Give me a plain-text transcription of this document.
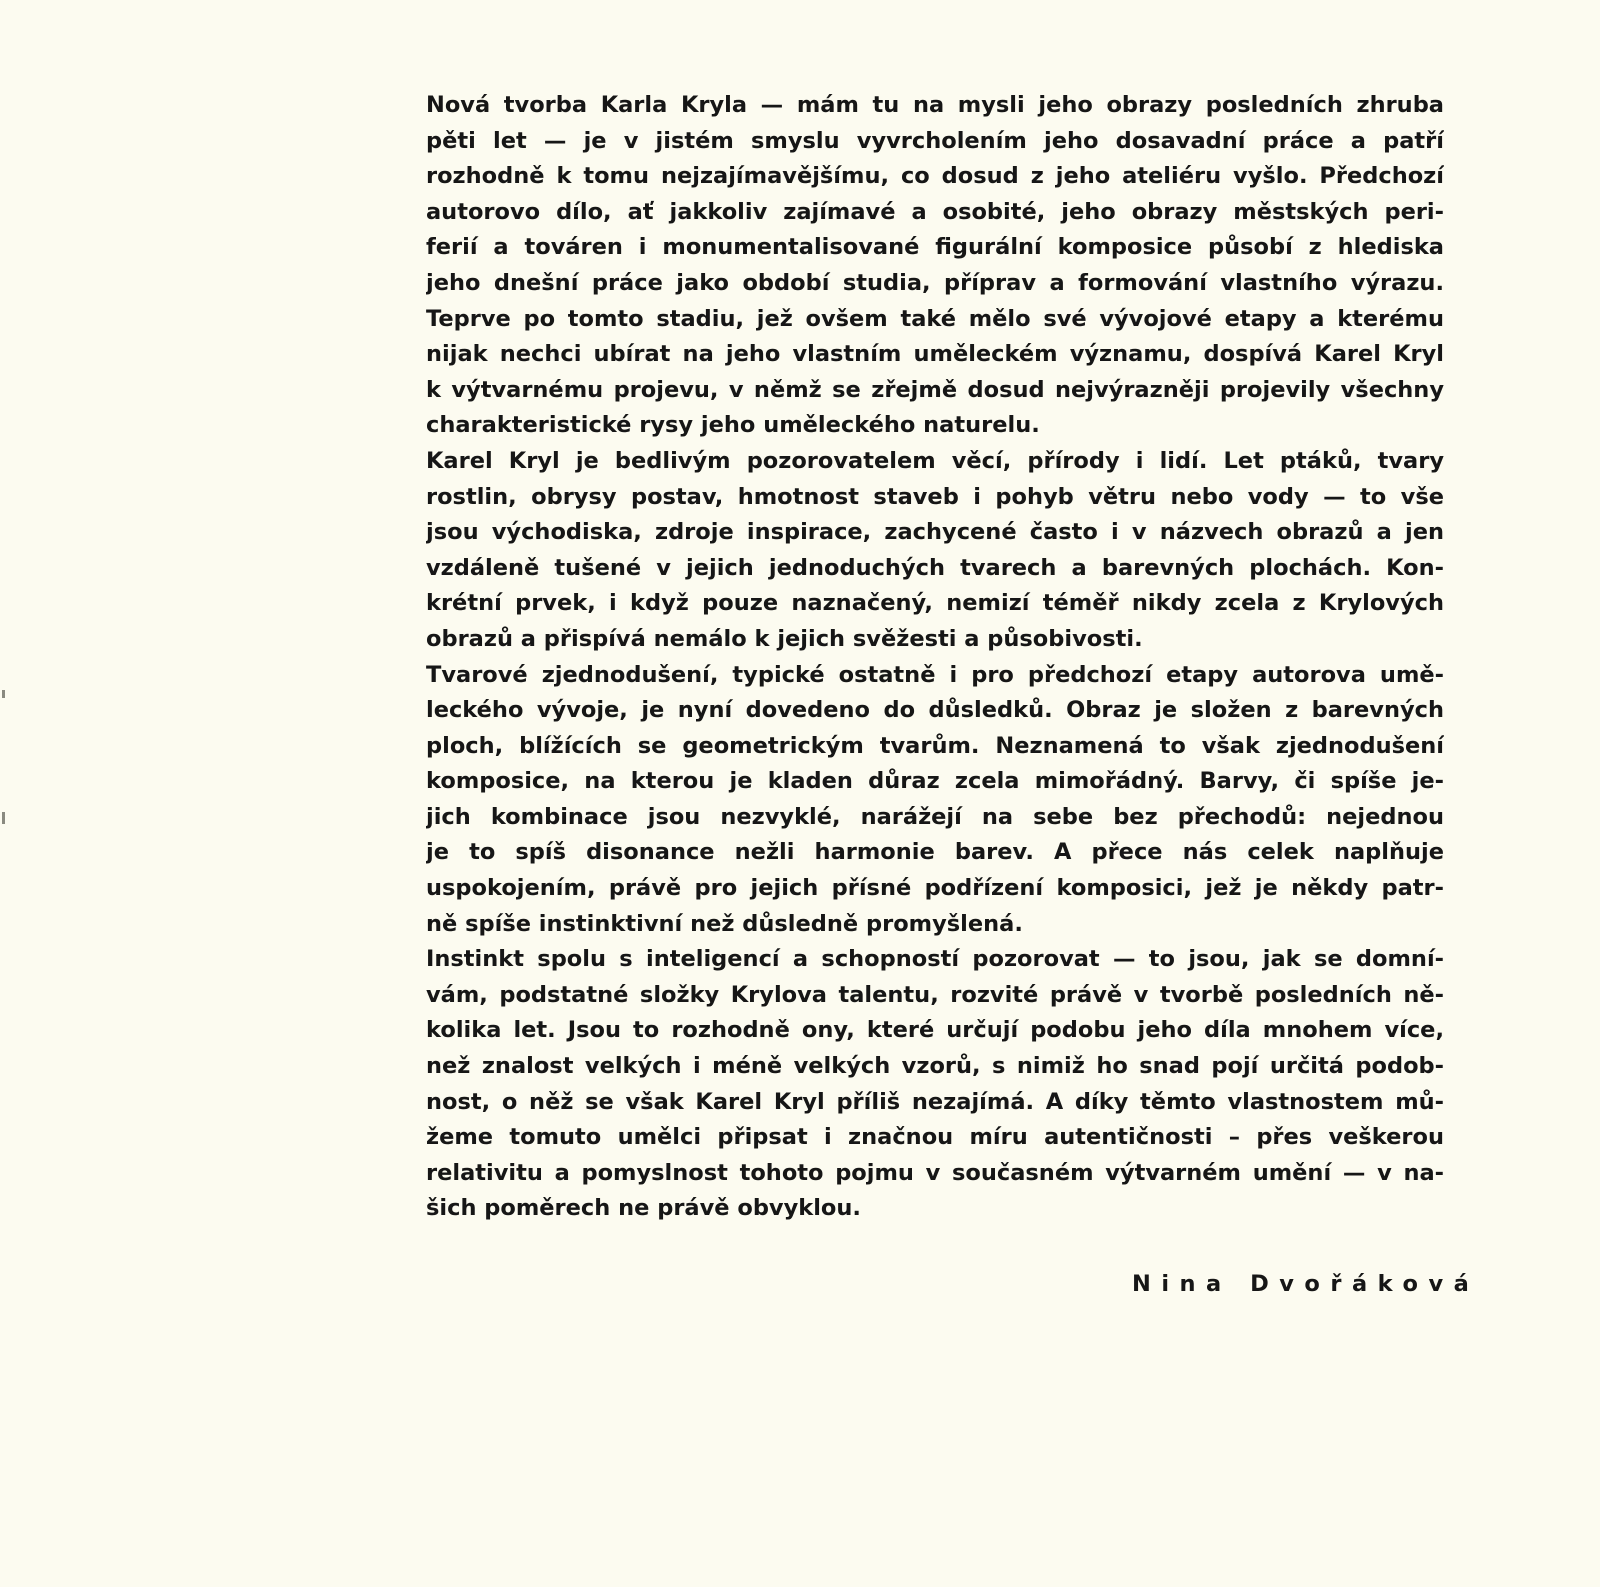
Nová tvorba Karla Kryla — mám tu na mysli jeho obrazy posledních zhruba
pěti let — je v jistém smyslu vyvrcholením jeho dosavadní práce a patří
rozhodně k tomu nejzajímavějšímu, co dosud z jeho ateliéru vyšlo. Předchozí
autorovo dílo, ať jakkoliv zajímavé a osobité, jeho obrazy městských peri-
ferií a továren i monumentalisované figurální komposice působí z hlediska
jeho dnešní práce jako období studia, příprav a formování vlastního výrazu.
Teprve po tomto stadiu, jež ovšem také mělo své vývojové etapy a kterému
nijak nechci ubírat na jeho vlastním uměleckém významu, dospívá Karel Kryl
k výtvarnému projevu, v němž se zřejmě dosud nejvýrazněji projevily všechny
charakteristické rysy jeho uměleckého naturelu.
Karel Kryl je bedlivým pozorovatelem věcí, přírody i lidí. Let ptáků, tvary
rostlin, obrysy postav, hmotnost staveb i pohyb větru nebo vody — to vše
jsou východiska, zdroje inspirace, zachycené často i v názvech obrazů a jen
vzdáleně tušené v jejich jednoduchých tvarech a barevných plochách. Kon-
krétní prvek, i když pouze naznačený, nemizí téměř nikdy zcela z Krylových
obrazů a přispívá nemálo k jejich svěžesti a působivosti.
Tvarové zjednodušení, typické ostatně i pro předchozí etapy autorova umě-
leckého vývoje, je nyní dovedeno do důsledků. Obraz je složen z barevných
ploch, blížících se geometrickým tvarům. Neznamená to však zjednodušení
komposice, na kterou je kladen důraz zcela mimořádný. Barvy, či spíše je-
jich kombinace jsou nezvyklé, narážejí na sebe bez přechodů: nejednou
je to spíš disonance nežli harmonie barev. A přece nás celek naplňuje
uspokojením, právě pro jejich přísné podřízení komposici, jež je někdy patr-
ně spíše instinktivní než důsledně promyšlená.
Instinkt spolu s inteligencí a schopností pozorovat — to jsou, jak se domní-
vám, podstatné složky Krylova talentu, rozvité právě v tvorbě posledních ně-
kolika let. Jsou to rozhodně ony, které určují podobu jeho díla mnohem více,
než znalost velkých i méně velkých vzorů, s nimiž ho snad pojí určitá podob-
nost, o něž se však Karel Kryl příliš nezajímá. A díky těmto vlastnostem mů-
žeme tomuto umělci připsat i značnou míru autentičnosti – přes veškerou
relativitu a pomyslnost tohoto pojmu v současném výtvarném umění — v na-
šich poměrech ne právě obvyklou.
Nina Dvořáková
